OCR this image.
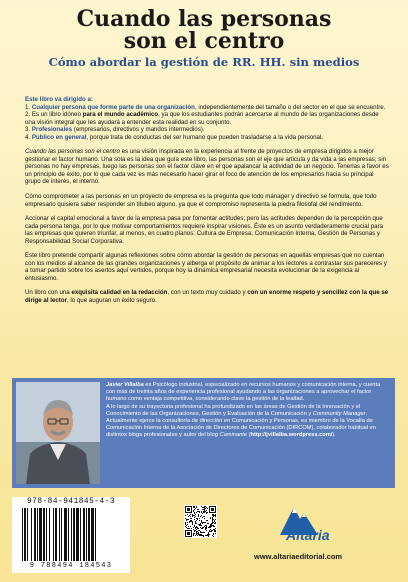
Cuando las personas
son el centro
Cómo abordar la gestión de RR. HH. sin medios

Este libro va dirigido a:
1. Cualquier persona que forme parte de una organización, independientemente del tamaño o del sector en el que se encuentre.
2. Es un libro idóneo para el mundo académico, ya que los estudiantes podrán acercarse al mundo de las organizaciones desde una visión integral que les ayudará a entender esta realidad en su conjunto.
3. Profesionales (empresarios, directivos y mandos intermedios).
4. Público en general, porque trata de conductas del ser humano que pueden trasladarse a la vida personal.

Cuando las personas son el centro es una visión inspirada en la experiencia al frente de proyectos de empresa dirigidos a mejor gestionar el factor humano. Una sola es la idea que guía este libro, las personas son el eje que articula y da vida a las empresas; sin personas no hay empresas, luego las personas son el factor clave en el que apalancar la actividad de un negocio. Tenerlas a favor es un principio de éxito, por lo que cada vez es más necesario hacer girar el foco de atención de los empresarios hacia su principal grupo de interés, el interno.

Cómo comprometer a las personas en un proyecto de empresa es la pregunta que todo mánager y directivo se formula, que todo empresario quisiera saber responder sin titubeo alguno, ya que el compromiso representa la piedra filosofal del rendimiento.

Accionar el capital emocional a favor de la empresa pasa por fomentar actitudes; pero las actitudes dependen de la percepción que cada persona tenga, por lo que motivar comportamientos requiere inspirar visiones. Éste es un asunto verdaderamente crucial para las empresas que quieren triunfar, al menos, en cuatro planos: Cultura de Empresa, Comunicación Interna, Gestión de Personas y Responsabilidad Social Corporativa.

Este libro pretende compartir algunas reflexiones sobre cómo abordar la gestión de personas en aquellas empresas que no cuentan con los medios al alcance de las grandes organizaciones y alberga el propósito de animar a los lectores a contrastar sus pareceres y a tomar partido sobre los asertos aquí vertidos, porque hoy la dinámica empresarial necesita evolucionar de la exigencia al entusiasmo.

Un libro con una exquisita calidad en la redacción, con un texto muy cuidado y con un enorme respeto y sencillez con la que se dirige al lector, lo que auguran un éxito seguro.

Javier Villalba es Psicólogo industrial, especializado en recursos humanos y comunicación interna, y cuenta con más de treinta años de experiencia profesional ayudando a las organizaciones a aprovechar el factor humano como ventaja competitiva, considerando clave la gestión de la lealtad.

A lo largo de su trayectoria profesional ha profundizado en las áreas de Gestión de la Innovación y el Conocimiento de las Organizaciones, Gestión y Evaluación de la Comunicación y Community Manager. Actualmente ejerce la consultoría de dirección en Comunicación y Personas, es miembro de la Vocalía de Comunicación Interna de la Asociación de Directores de Comunicación (DIRCOM), colaborador habitual en distintos blogs profesionales y autor del blog Caminante (http://jvillalba.wordpress.com/).

978-84-941845-4-3
9 788494 184543
Altaria
www.altariaeditorial.com
